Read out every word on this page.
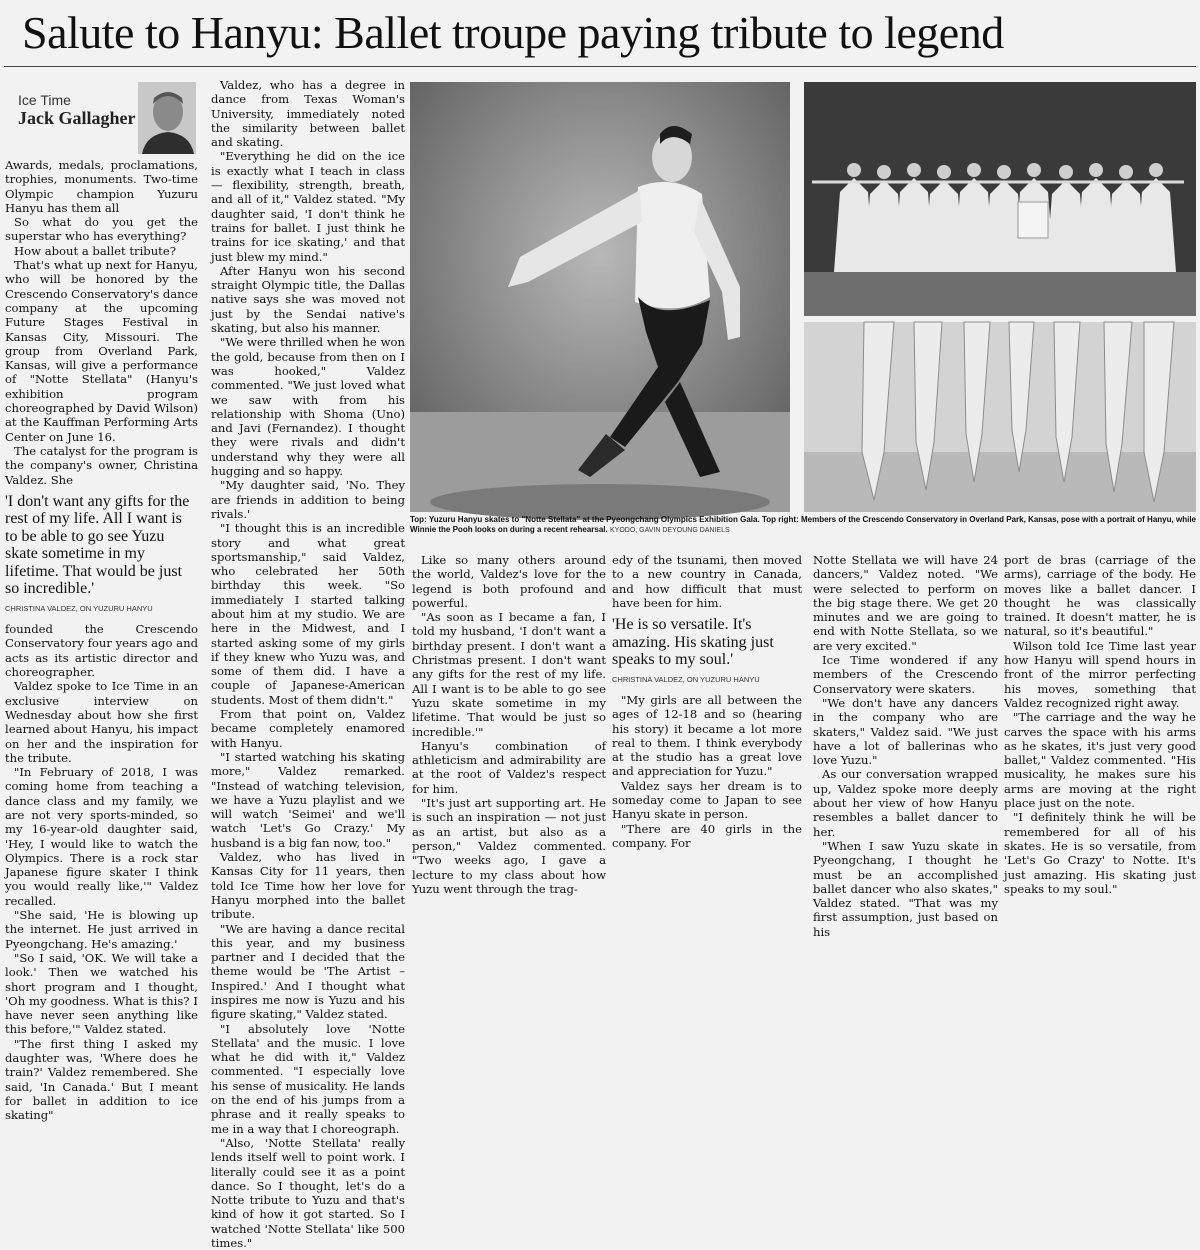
Salute to Hanyu: Ballet troupe paying tribute to legend
Ice Time
Jack Gallagher

Awards, medals, proclamations, trophies, monuments. Two-time Olympic champion Yuzuru Hanyu has them all

So what do you get the superstar who has everything?

How about a ballet tribute?

That's what up next for Hanyu, who will be honored by the Crescendo Conservatory's dance company at the upcoming Future Stages Festival in Kansas City, Missouri. The group from Overland Park, Kansas, will give a performance of "Notte Stellata" (Hanyu's exhibition program choreographed by David Wilson) at the Kauffman Performing Arts Center on June 16.

The catalyst for the program is the company's owner, Christina Valdez. She

'I don't want any gifts for the rest of my life. All I want is to be able to go see Yuzu skate sometime in my lifetime. That would be just so incredible.'
CHRISTINA VALDEZ, ON YUZURU HANYU

founded the Crescendo Conservatory four years ago and acts as its artistic director and choreographer.

Valdez spoke to Ice Time in an exclusive interview on Wednesday about how she first learned about Hanyu, his impact on her and the inspiration for the tribute.

"In February of 2018, I was coming home from teaching a dance class and my family, we are not very sports-minded, so my 16-year-old daughter said, 'Hey, I would like to watch the Olympics. There is a rock star Japanese figure skater I think you would really like,'" Valdez recalled.

"She said, 'He is blowing up the internet. He just arrived in Pyeongchang. He's amazing.'

"So I said, 'OK. We will take a look.' Then we watched his short program and I thought, 'Oh my goodness. What is this? I have never seen anything like this before,'" Valdez stated.

"The first thing I asked my daughter was, 'Where does he train?' Valdez remembered. She said, 'In Canada.' But I meant for ballet in addition to ice skating"

Valdez, who has a degree in dance from Texas Woman's University, immediately noted the similarity between ballet and skating.

"Everything he did on the ice is exactly what I teach in class — flexibility, strength, breath, and all of it," Valdez stated. "My daughter said, 'I don't think he trains for ballet. I just think he trains for ice skating,' and that just blew my mind."

After Hanyu won his second straight Olympic title, the Dallas native says she was moved not just by the Sendai native's skating, but also his manner.

"We were thrilled when he won the gold, because from then on I was hooked," Valdez commented. "We just loved what we saw with from his relationship with Shoma (Uno) and Javi (Fernandez). I thought they were rivals and didn't understand why they were all hugging and so happy.

"My daughter said, 'No. They are friends in addition to being rivals.'

"I thought this is an incredible story and what great sportsmanship," said Valdez, who celebrated her 50th birthday this week. "So immediately I started talking about him at my studio. We are here in the Midwest, and I started asking some of my girls if they knew who Yuzu was, and some of them did. I have a couple of Japanese-American students. Most of them didn't."

From that point on, Valdez became completely enamored with Hanyu.

"I started watching his skating more," Valdez remarked. "Instead of watching television, we have a Yuzu playlist and we will watch 'Seimei' and we'll watch 'Let's Go Crazy.' My husband is a big fan now, too."

Valdez, who has lived in Kansas City for 11 years, then told Ice Time how her love for Hanyu morphed into the ballet tribute.

"We are having a dance recital this year, and my business partner and I decided that the theme would be 'The Artist – Inspired.' And I thought what inspires me now is Yuzu and his figure skating," Valdez stated.

"I absolutely love 'Notte Stellata' and the music. I love what he did with it," Valdez commented. "I especially love his sense of musicality. He lands on the end of his jumps from a phrase and it really speaks to me in a way that I choreograph.

"Also, 'Notte Stellata' really lends itself well to point work. I literally could see it as a point dance. So I thought, let's do a Notte tribute to Yuzu and that's kind of how it got started. So I watched 'Notte Stellata' like 500 times."

Top: Yuzuru Hanyu skates to "Notte Stellata" at the Pyeongchang Olympics Exhibition Gala. Top right: Members of the Crescendo Conservatory in Overland Park, Kansas, pose with a portrait of Hanyu, while Winnie the Pooh looks on during a recent rehearsal. KYODO, GAVIN DEYOUNG DANIELS

Like so many others around the world, Valdez's love for the legend is both profound and powerful.

"As soon as I became a fan, I told my husband, 'I don't want a birthday present. I don't want a Christmas present. I don't want any gifts for the rest of my life. All I want is to be able to go see Yuzu skate sometime in my lifetime. That would be just so incredible.'"

Hanyu's combination of athleticism and admirability are at the root of Valdez's respect for him.

"It's just art supporting art. He is such an inspiration — not just as an artist, but also as a person," Valdez commented. "Two weeks ago, I gave a lecture to my class about how Yuzu went through the trag-

edy of the tsunami, then moved to a new country in Canada, and how difficult that must have been for him.

'He is so versatile. It's amazing. His skating just speaks to my soul.'
CHRISTINA VALDEZ, ON YUZURU HANYU

"My girls are all between the ages of 12-18 and so (hearing his story) it became a lot more real to them. I think everybody at the studio has a great love and appreciation for Yuzu."

Valdez says her dream is to someday come to Japan to see Hanyu skate in person.

"There are 40 girls in the company. For

Notte Stellata we will have 24 dancers," Valdez noted. "We were selected to perform on the big stage there. We get 20 minutes and we are going to end with Notte Stellata, so we are very excited."

Ice Time wondered if any members of the Crescendo Conservatory were skaters.

"We don't have any dancers in the company who are skaters," Valdez said. "We just have a lot of ballerinas who love Yuzu."

As our conversation wrapped up, Valdez spoke more deeply about her view of how Hanyu resembles a ballet dancer to her.

"When I saw Yuzu skate in Pyeongchang, I thought he must be an accomplished ballet dancer who also skates," Valdez stated. "That was my first assumption, just based on his

port de bras (carriage of the arms), carriage of the body. He moves like a ballet dancer. I thought he was classically trained. It doesn't matter, he is natural, so it's beautiful."

Wilson told Ice Time last year how Hanyu will spend hours in front of the mirror perfecting his moves, something that Valdez recognized right away.

"The carriage and the way he carves the space with his arms as he skates, it's just very good ballet," Valdez commented. "His musicality, he makes sure his arms are moving at the right place just on the note.

"I definitely think he will be remembered for all of his skates. He is so versatile, from 'Let's Go Crazy' to Notte. It's just amazing. His skating just speaks to my soul."
